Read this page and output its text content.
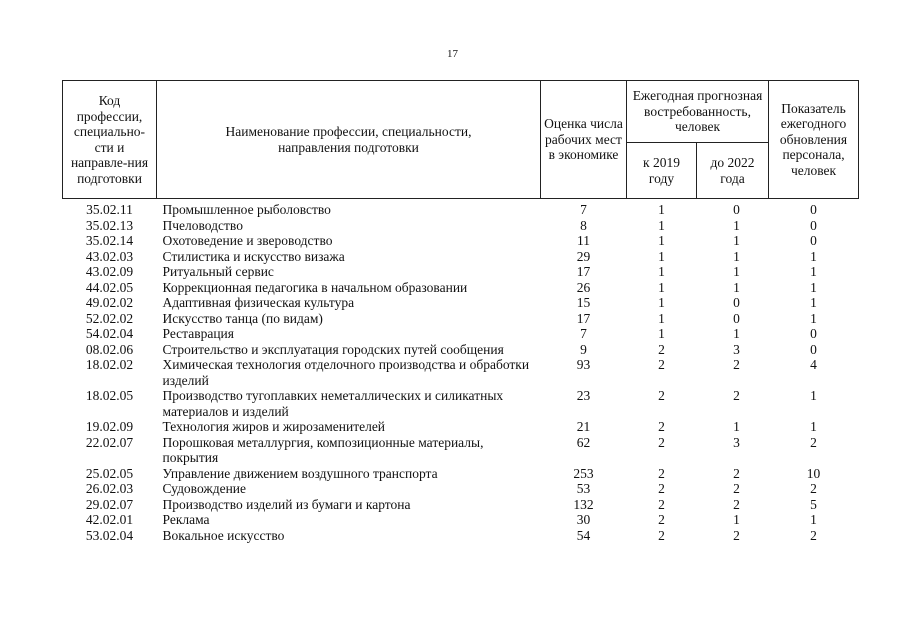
17
Код профессии, специально-сти и направле-ния подготовки	Наименование профессии, специальности, направления подготовки	Оценка числа рабочих мест в экономике	Ежегодная прогнозная востребованность, человек		Показатель ежегодного обновления персонала, человек

			к 2019 году	до 2022 года	

35.02.11	Промышленное рыболовство	7	1	0	0
35.02.13	Пчеловодство	8	1	1	0
35.02.14	Охотоведение и звероводство	11	1	1	0
43.02.03	Стилистика и искусство визажа	29	1	1	1
43.02.09	Ритуальный сервис	17	1	1	1
44.02.05	Коррекционная педагогика в начальном образовании	26	1	1	1
49.02.02	Адаптивная физическая культура	15	1	0	1
52.02.02	Искусство танца (по видам)	17	1	0	1
54.02.04	Реставрация	7	1	1	0
08.02.06	Строительство и эксплуатация городских путей сообщения	9	2	3	0
18.02.02	Химическая технология отделочного производства и обработки изделий	93	2	2	4
18.02.05	Производство тугоплавких неметаллических и силикатных материалов и изделий	23	2	2	1
19.02.09	Технология жиров и жирозаменителей	21	2	1	1
22.02.07	Порошковая металлургия, композиционные материалы, покрытия	62	2	3	2
25.02.05	Управление движением воздушного транспорта	253	2	2	10
26.02.03	Судовождение	53	2	2	2
29.02.07	Производство изделий из бумаги и картона	132	2	2	5
42.02.01	Реклама	30	2	1	1
53.02.04	Вокальное искусство	54	2	2	2
